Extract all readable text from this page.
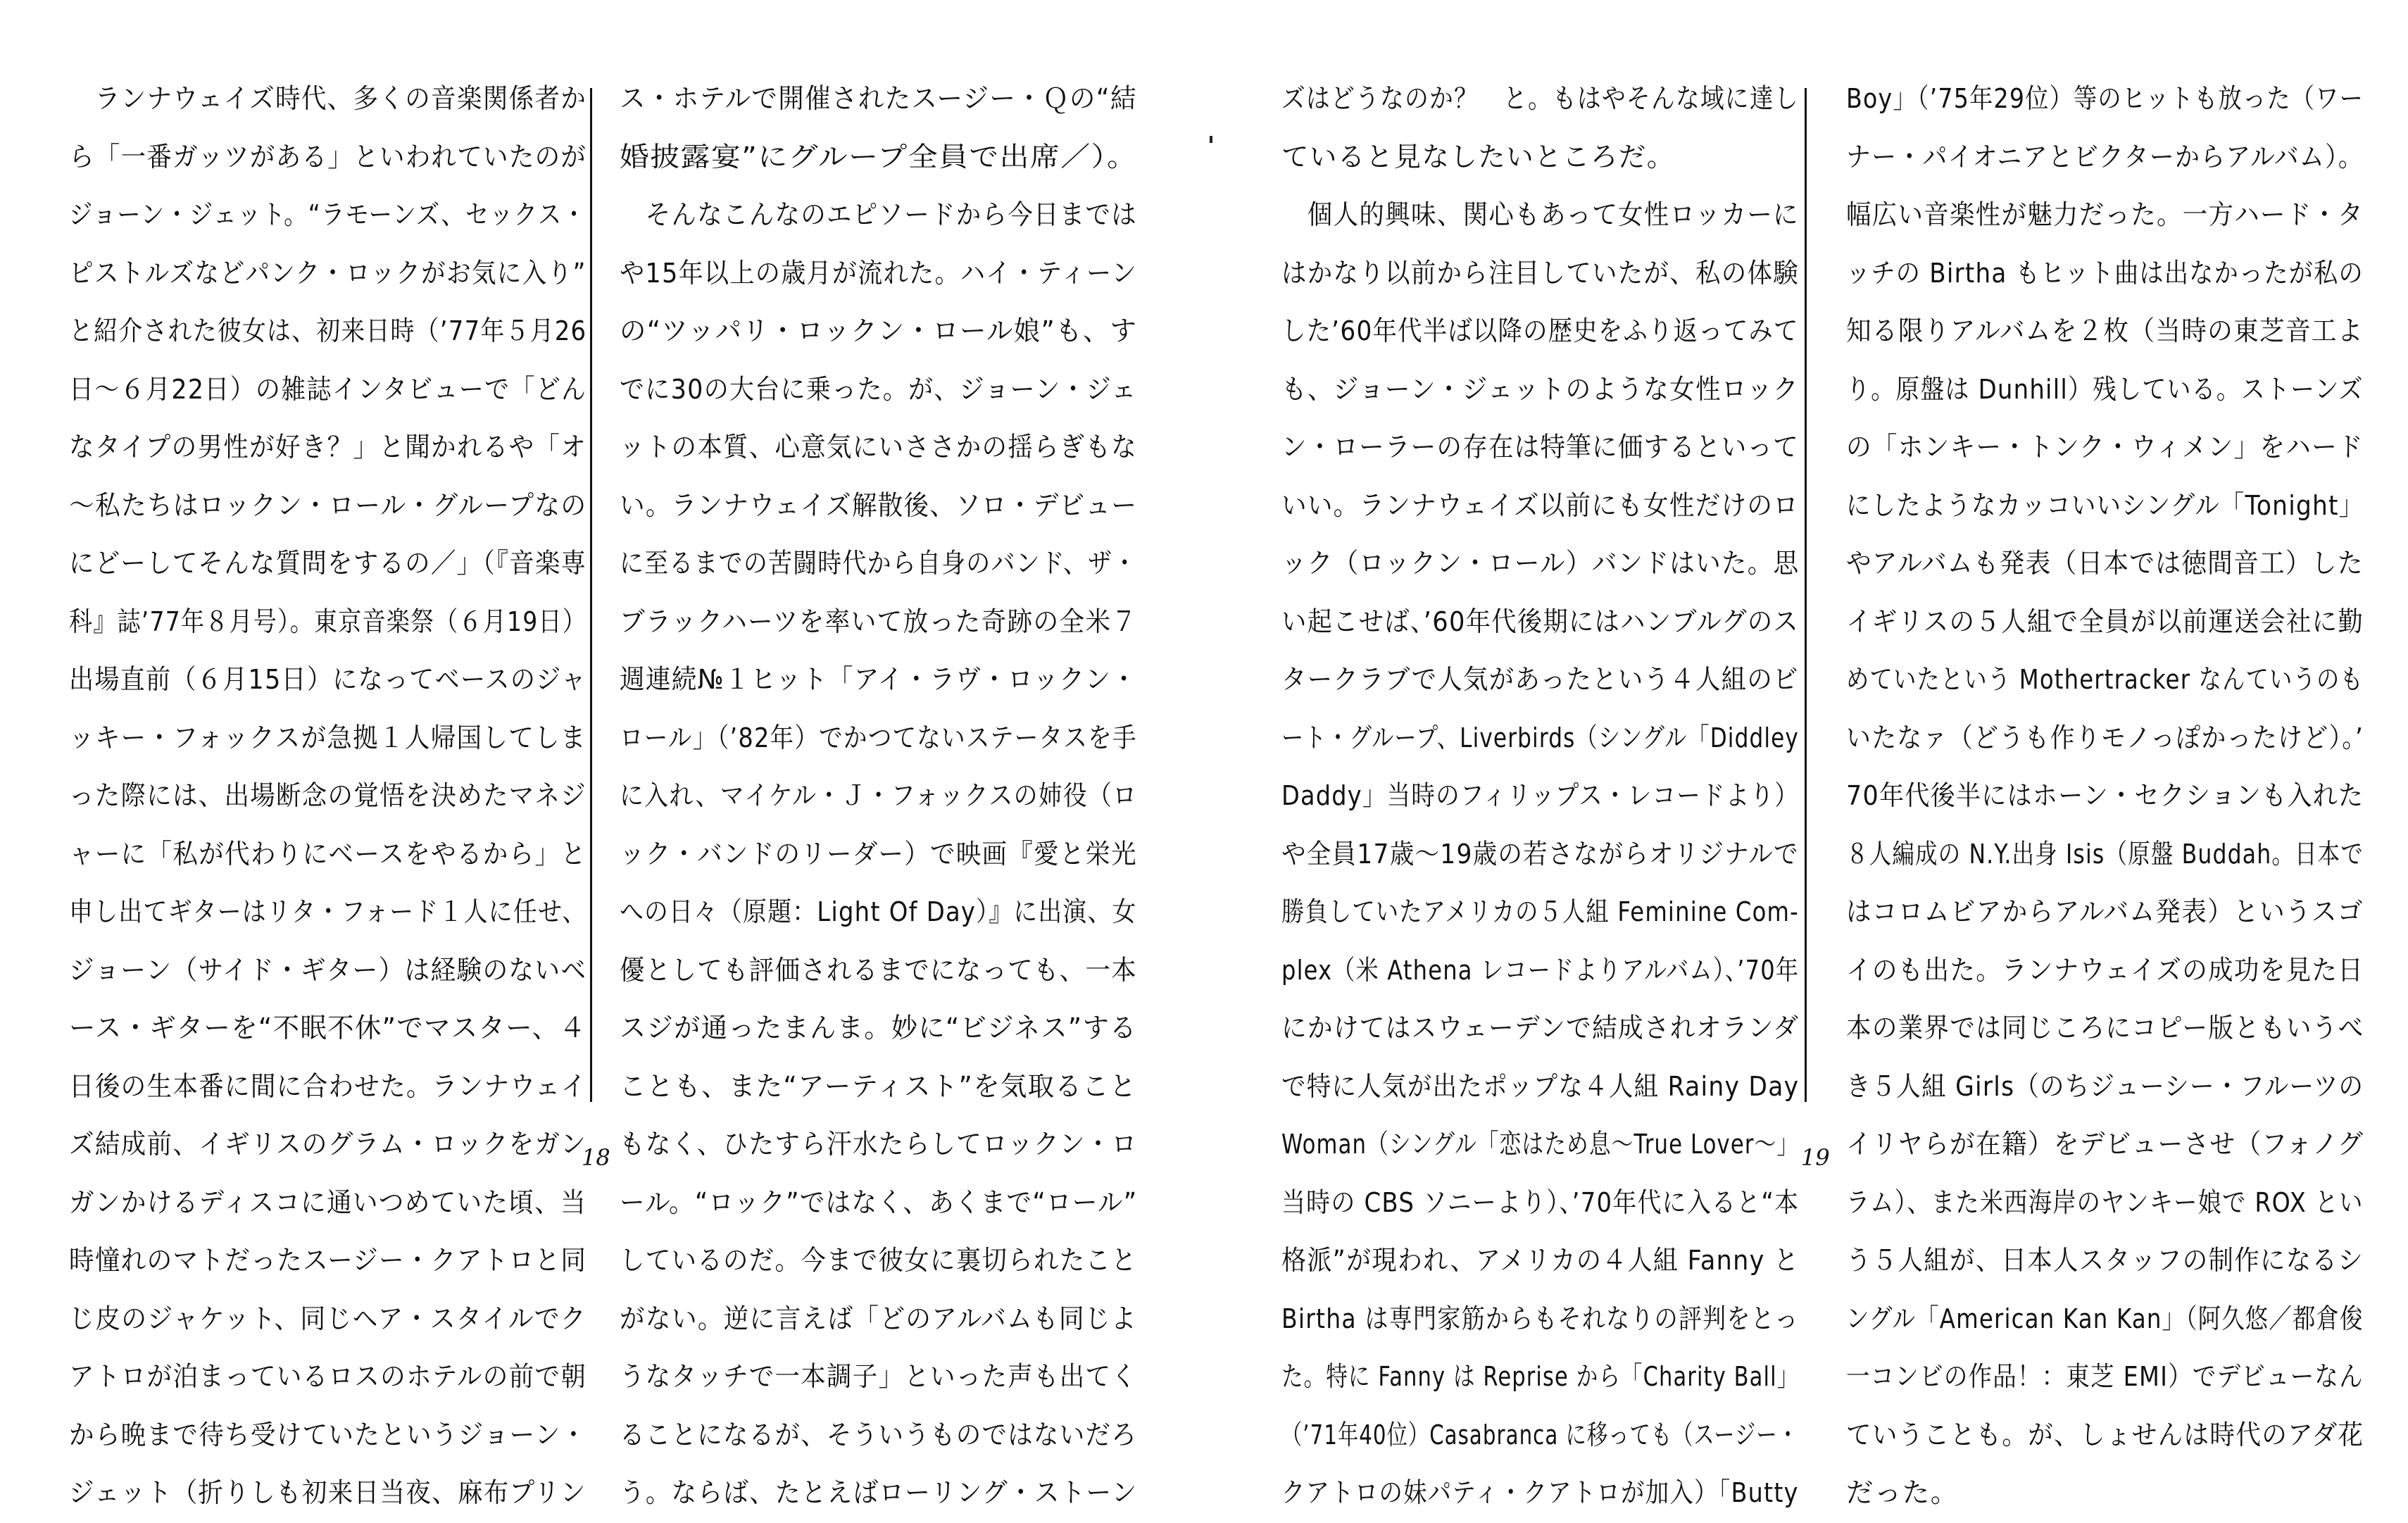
　ランナウェイズ時代、多くの音楽関係者か
ら「一番ガッツがある」といわれていたのが
ジョーン・ジェット。“ラモーンズ、セックス・
ピストルズなどパンク・ロックがお気に入り”
と紹介された彼女は、初来日時（’77年５月26
日〜６月22日）の雑誌インタビューで「どん
なタイプの男性が好き？」と聞かれるや「オ
〜私たちはロックン・ロール・グループなの
にどーしてそんな質問をするの／」（『音楽専
科』誌’77年８月号）。東京音楽祭（６月19日）
出場直前（６月15日）になってベースのジャ
ッキー・フォックスが急拠１人帰国してしま
った際には、出場断念の覚悟を決めたマネジ
ャーに「私が代わりにベースをやるから」と
申し出てギターはリタ・フォード１人に任せ、
ジョーン（サイド・ギター）は経験のないベ
ース・ギターを“不眠不休”でマスター、４
日後の生本番に間に合わせた。ランナウェイ
ズ結成前、イギリスのグラム・ロックをガン
ガンかけるディスコに通いつめていた頃、当
時憧れのマトだったスージー・クアトロと同
じ皮のジャケット、同じヘア・スタイルでク
アトロが泊まっているロスのホテルの前で朝
から晩まで待ち受けていたというジョーン・
ジェット（折りしも初来日当夜、麻布プリン
ス・ホテルで開催されたスージー・Ｑの“結
婚披露宴”にグループ全員で出席／）。
　そんなこんなのエピソードから今日までは
や15年以上の歳月が流れた。ハイ・ティーン
の“ツッパリ・ロックン・ロール娘”も、す
でに30の大台に乗った。が、ジョーン・ジェ
ットの本質、心意気にいささかの揺らぎもな
い。ランナウェイズ解散後、ソロ・デビュー
に至るまでの苦闘時代から自身のバンド、ザ・
ブラックハーツを率いて放った奇跡の全米７
週連続№１ヒット「アイ・ラヴ・ロックン・
ロール」（’82年）でかつてないステータスを手
に入れ、マイケル・Ｊ・フォックスの姉役（ロ
ック・バンドのリーダー）で映画『愛と栄光
への日々（原題：Light Of Day）』に出演、女
優としても評価されるまでになっても、一本
スジが通ったまんま。妙に“ビジネス”する
ことも、また“アーティスト”を気取ること
もなく、ひたすら汗水たらしてロックン・ロ
ール。“ロック”ではなく、あくまで“ロール”
しているのだ。今まで彼女に裏切られたこと
がない。逆に言えば「どのアルバムも同じよ
うなタッチで一本調子」といった声も出てく
ることになるが、そういうものではないだろ
う。ならば、たとえばローリング・ストーン
18
ズはどうなのか？　と。もはやそんな域に達し
ていると見なしたいところだ。
　個人的興味、関心もあって女性ロッカーに
はかなり以前から注目していたが、私の体験
した’60年代半ば以降の歴史をふり返ってみて
も、ジョーン・ジェットのような女性ロック
ン・ローラーの存在は特筆に価するといって
いい。ランナウェイズ以前にも女性だけのロ
ック（ロックン・ロール）バンドはいた。思
い起こせば、’60年代後期にはハンブルグのス
タークラブで人気があったという４人組のビ
ート・グループ、Liverbirds（シングル「Diddley
Daddy」当時のフィリップス・レコードより）
や全員17歳〜19歳の若さながらオリジナルで
勝負していたアメリカの５人組 Feminine Com-
plex（米 Athena レコードよりアルバム）、’70年
にかけてはスウェーデンで結成されオランダ
で特に人気が出たポップな４人組 Rainy Day
Woman（シングル「恋はため息〜True Lover〜」
当時の CBS ソニーより）、’70年代に入ると“本
格派”が現われ、アメリカの４人組 Fanny と
Birtha は専門家筋からもそれなりの評判をとっ
た。特に Fanny は Reprise から「Charity Ball」
（’71年40位）Casabranca に移っても（スージー・
クアトロの妹パティ・クアトロが加入）「Butty
Boy」（’75年29位）等のヒットも放った（ワー
ナー・パイオニアとビクターからアルバム）。
幅広い音楽性が魅力だった。一方ハード・タ
ッチの Birtha もヒット曲は出なかったが私の
知る限りアルバムを２枚（当時の東芝音工よ
り。原盤は Dunhill）残している。ストーンズ
の「ホンキー・トンク・ウィメン」をハード
にしたようなカッコいいシングル「Tonight」
やアルバムも発表（日本では徳間音工）した
イギリスの５人組で全員が以前運送会社に勤
めていたという Mothertracker なんていうのも
いたなァ（どうも作りモノっぽかったけど）。’
70年代後半にはホーン・セクションも入れた
８人編成の N.Y.出身 Isis（原盤 Buddah。日本で
はコロムビアからアルバム発表）というスゴ
イのも出た。ランナウェイズの成功を見た日
本の業界では同じころにコピー版ともいうべ
き５人組 Girls（のちジューシー・フルーツの
イリヤらが在籍）をデビューさせ（フォノグ
ラム）、また米西海岸のヤンキー娘で ROX とい
う５人組が、日本人スタッフの制作になるシ
ングル「American Kan Kan」（阿久悠／都倉俊
一コンビの作品！：東芝 EMI）でデビューなん
ていうことも。が、しょせんは時代のアダ花
だった。
19
